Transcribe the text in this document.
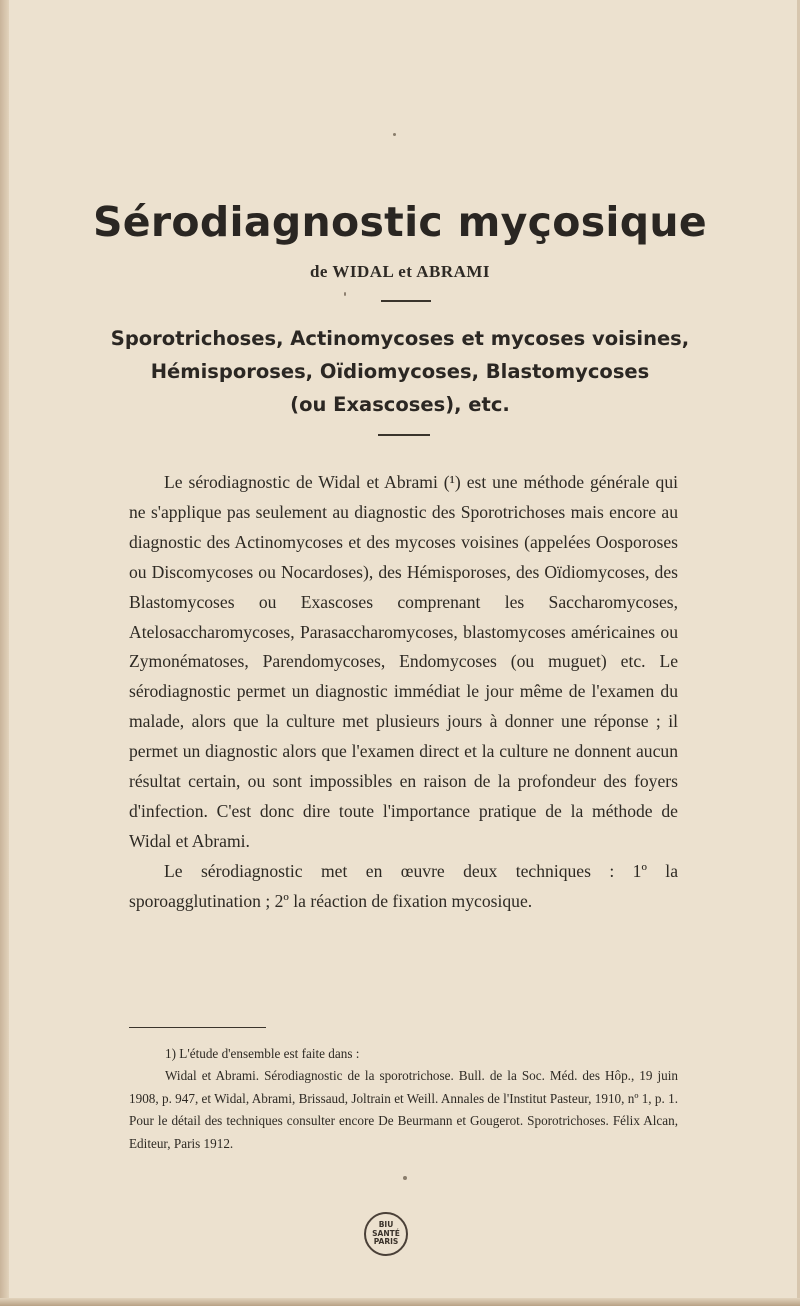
Sérodiagnostic myçosique
de WIDAL et ABRAMI
Sporotrichoses, Actinomycoses et mycoses voisines,
Hémisporoses, Oïdiomycoses, Blastomycoses
(ou Exascoses), etc.

Le sérodiagnostic de Widal et Abrami (¹) est une méthode générale qui ne s'applique pas seulement au diagnostic des Sporotrichoses mais encore au diagnostic des Actinomycoses et des mycoses voisines (appelées Oosporoses ou Discomycoses ou Nocardoses), des Hémisporoses, des Oïdiomycoses, des Blastomycoses ou Exascoses comprenant les Saccharomycoses, Atelosaccharomycoses, Parasaccharomycoses, blastomycoses américaines ou Zymonématoses, Parendomycoses, Endomycoses (ou muguet) etc. Le sérodiagnostic permet un diagnostic immédiat le jour même de l'examen du malade, alors que la culture met plusieurs jours à donner une réponse ; il permet un diagnostic alors que l'examen direct et la culture ne donnent aucun résultat certain, ou sont impossibles en raison de la profondeur des foyers d'infection. C'est donc dire toute l'importance pratique de la méthode de Widal et Abrami.

Le sérodiagnostic met en œuvre deux techniques : 1º la sporoagglutination ; 2º la réaction de fixation mycosique.

1) L'étude d'ensemble est faite dans :

Widal et Abrami. Sérodiagnostic de la sporotrichose. Bull. de la Soc. Méd. des Hôp., 19 juin 1908, p. 947, et Widal, Abrami, Brissaud, Joltrain et Weill. Annales de l'Institut Pasteur, 1910, nº 1, p. 1. Pour le détail des techniques consulter encore De Beurmann et Gougerot. Sporotrichoses. Félix Alcan, Editeur, Paris 1912.

BIU
SANTÉ
PARIS
